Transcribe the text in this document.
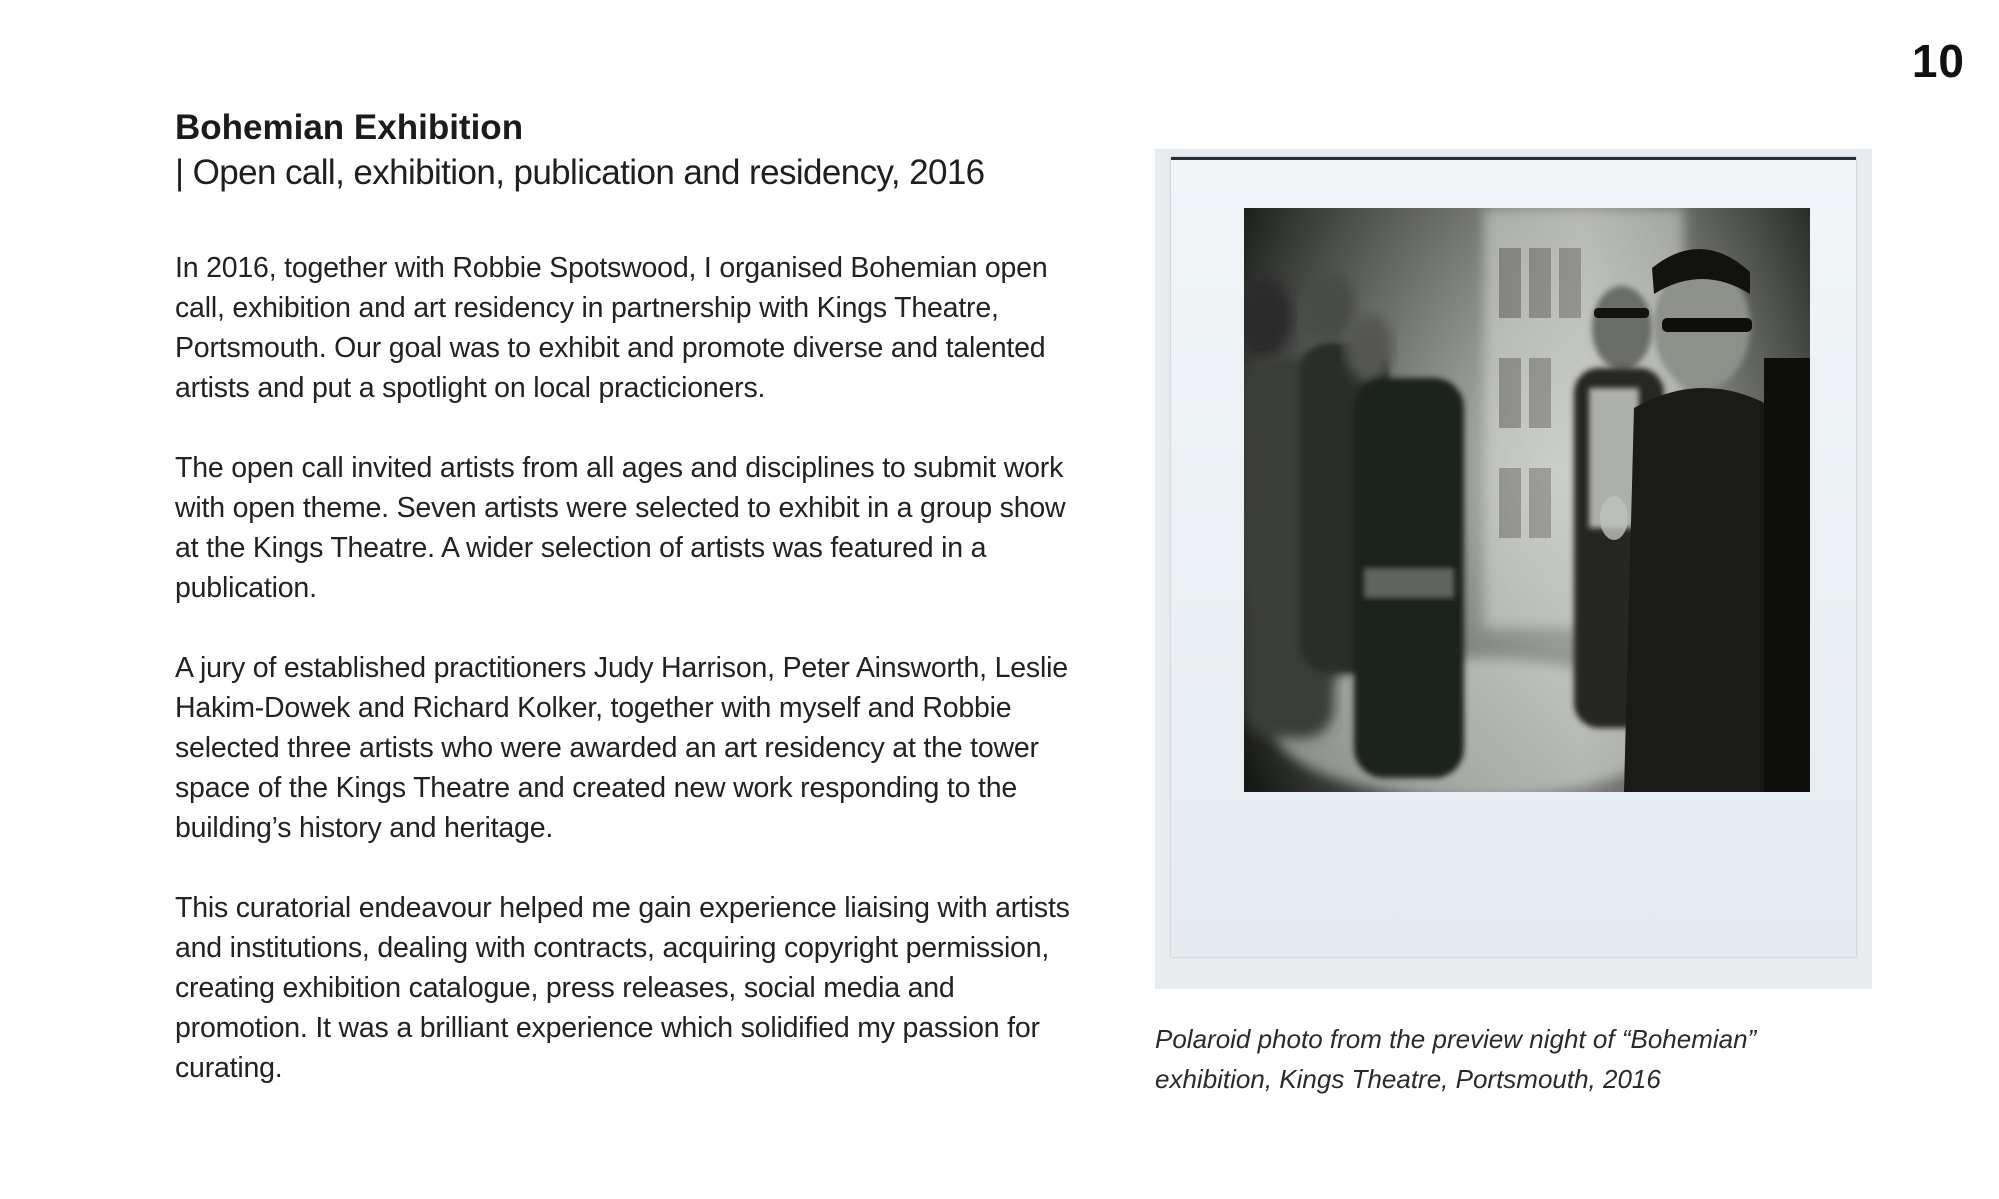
10
Bohemian Exhibition
| Open call, exhibition, publication and residency, 2016

In 2016, together with Robbie Spotswood, I organised Bohemian open call, exhibition and art residency in partnership with Kings Theatre, Portsmouth. Our goal was to exhibit and promote diverse and talented artists and put a spotlight on local practicioners.

The open call invited artists from all ages and disciplines to submit work with open theme. Seven artists were selected to exhibit in a group show at the Kings Theatre. A wider selection of artists was featured in a publication.

A jury of established practitioners Judy Harrison, Peter Ainsworth, Leslie Hakim-Dowek and Richard Kolker, together with myself and Robbie selected three artists who were awarded an art residency at the tower space of the Kings Theatre and created new work responding to the building’s history and heritage.

This curatorial endeavour helped me gain experience liaising with artists and institutions, dealing with contracts, acquiring copyright permission, creating exhibition catalogue, press releases, social media and promotion. It was a brilliant experience which solidified my passion for curating.

Polaroid photo from the preview night of “Bohemian”
exhibition, Kings Theatre, Portsmouth, 2016
